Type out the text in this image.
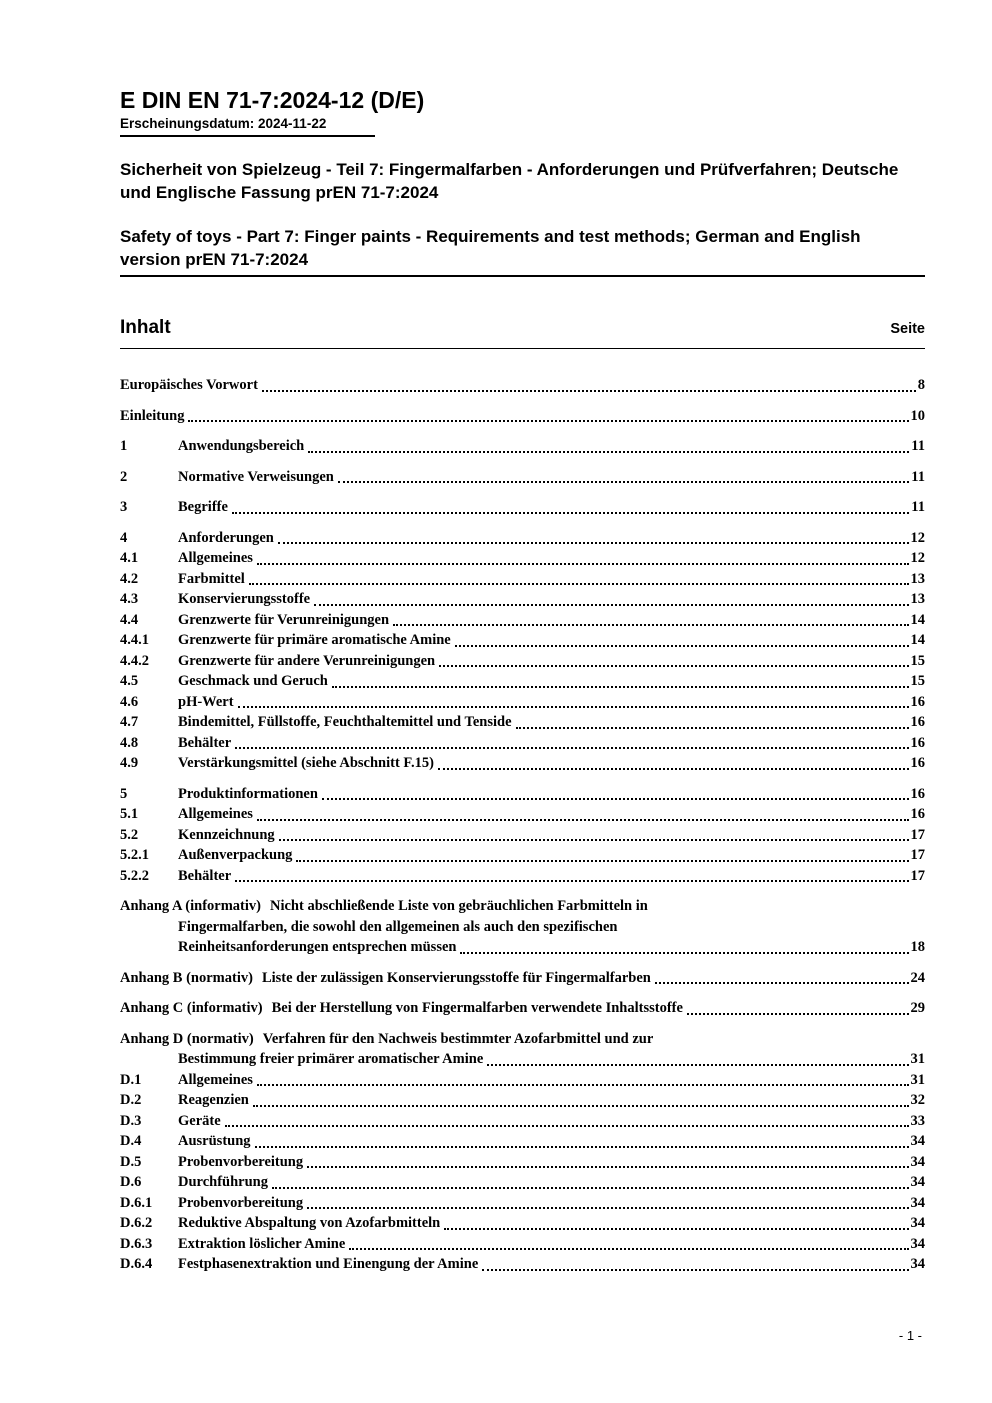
E DIN EN 71-7:2024-12 (D/E)
Erscheinungsdatum: 2024-11-22

Sicherheit von Spielzeug - Teil 7: Fingermalfarben - Anforderungen und Prüfverfahren; Deutsche und Englische Fassung prEN 71-7:2024

Safety of toys - Part 7: Finger paints - Requirements and test methods; German and English version prEN 71-7:2024

Inhalt	Seite
Europäisches Vorwort	8
Einleitung	10
1	Anwendungsbereich	11
2	Normative Verweisungen	11
3	Begriffe	11
4	Anforderungen	12
4.1	Allgemeines	12
4.2	Farbmittel	13
4.3	Konservierungsstoffe	13
4.4	Grenzwerte für Verunreinigungen	14
4.4.1	Grenzwerte für primäre aromatische Amine	14
4.4.2	Grenzwerte für andere Verunreinigungen	15
4.5	Geschmack und Geruch	15
4.6	pH-Wert	16
4.7	Bindemittel, Füllstoffe, Feuchthaltemittel und Tenside	16
4.8	Behälter	16
4.9	Verstärkungsmittel (siehe Abschnitt F.15)	16
5	Produktinformationen	16
5.1	Allgemeines	16
5.2	Kennzeichnung	17
5.2.1	Außenverpackung	17
5.2.2	Behälter	17
Anhang A (informativ) Nicht abschließende Liste von gebräuchlichen Farbmitteln in
Fingermalfarben, die sowohl den allgemeinen als auch den spezifischen
Reinheitsanforderungen entsprechen müssen	18
Anhang B (normativ) Liste der zulässigen Konservierungsstoffe für Fingermalfarben	24
Anhang C (informativ) Bei der Herstellung von Fingermalfarben verwendete Inhaltsstoffe	29
Anhang D (normativ) Verfahren für den Nachweis bestimmter Azofarbmittel und zur
Bestimmung freier primärer aromatischer Amine	31
D.1	Allgemeines	31
D.2	Reagenzien	32
D.3	Geräte	33
D.4	Ausrüstung	34
D.5	Probenvorbereitung	34
D.6	Durchführung	34
D.6.1	Probenvorbereitung	34
D.6.2	Reduktive Abspaltung von Azofarbmitteln	34
D.6.3	Extraktion löslicher Amine	34
D.6.4	Festphasenextraktion und Einengung der Amine	34
- 1 -
